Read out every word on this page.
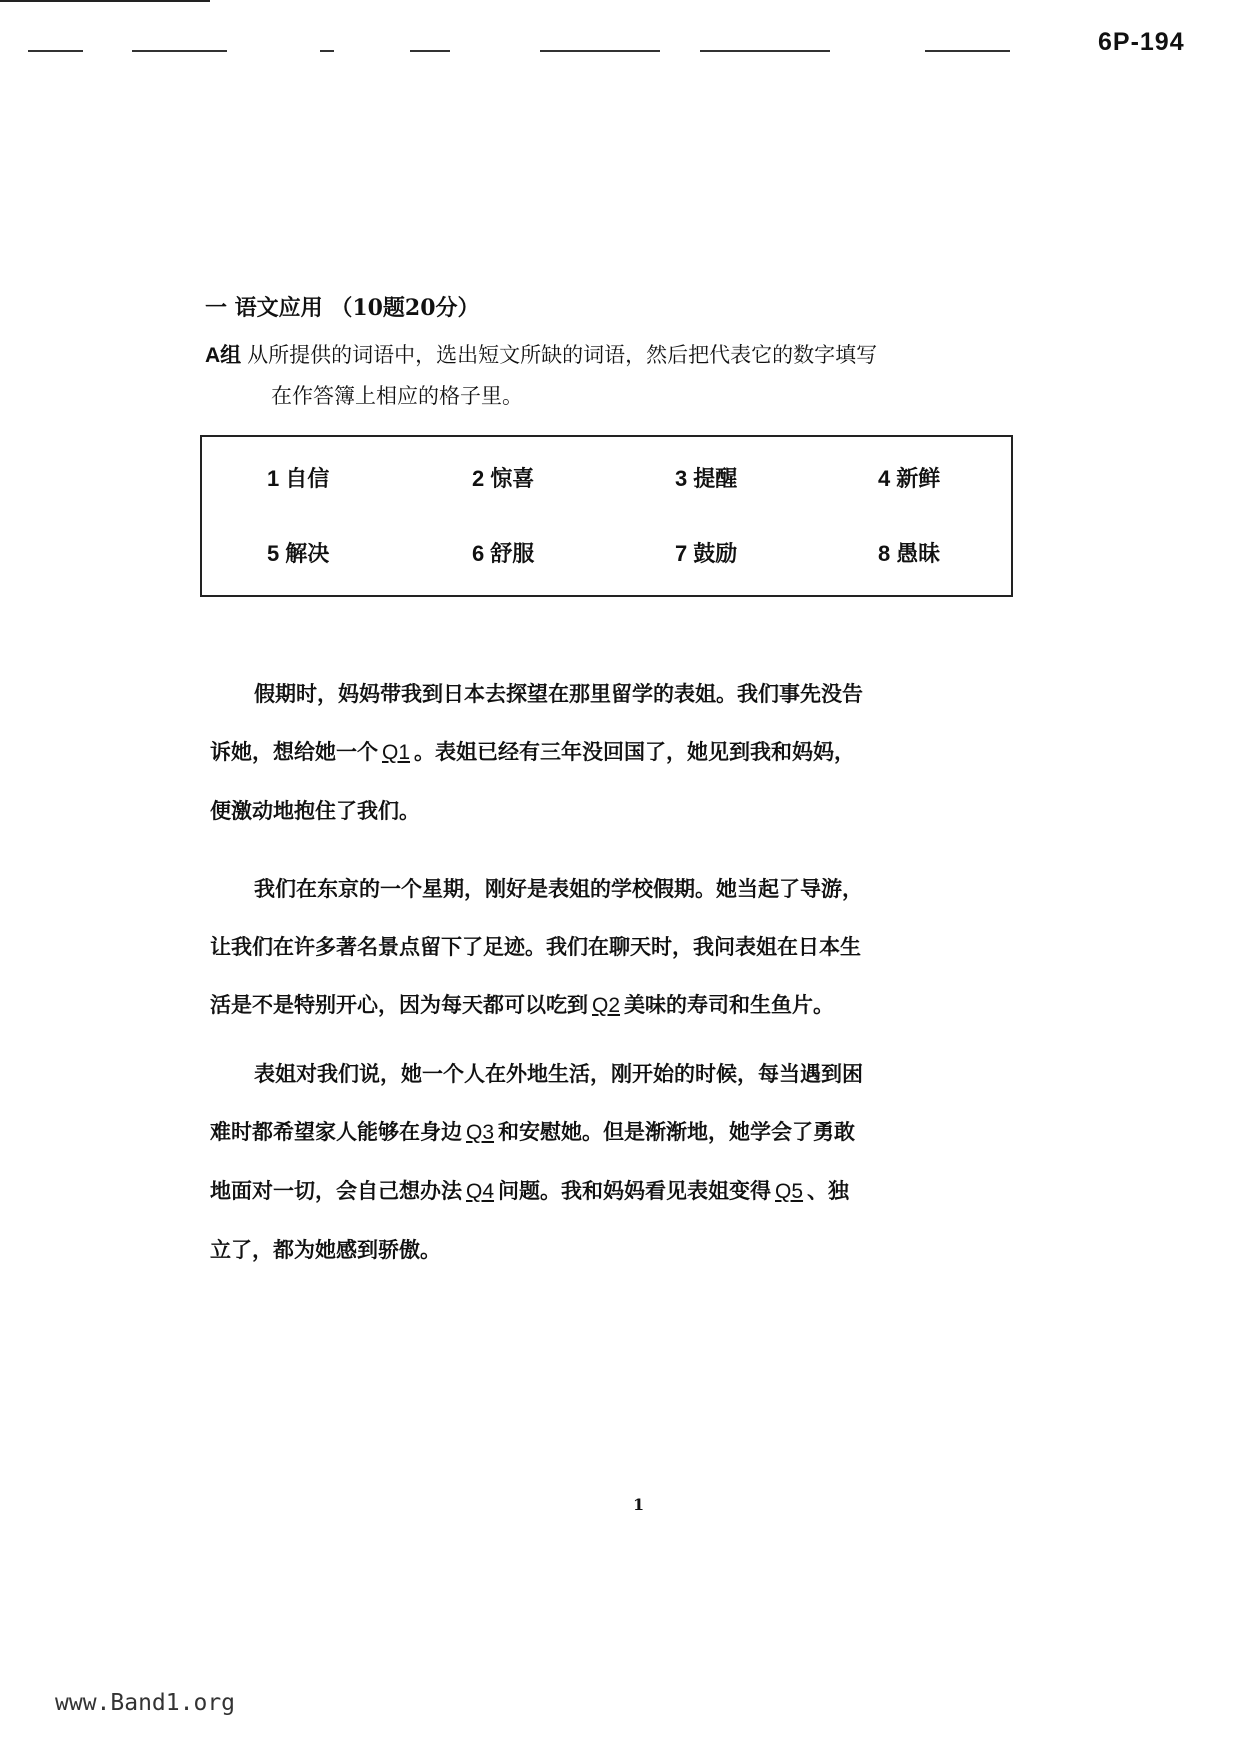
6P-194
一 语文应用 （10题20分）
A组 从所提供的词语中，选出短文所缺的词语，然后把代表它的数字填写
在作答簿上相应的格子里。
1 自信	2 惊喜	3 提醒	4 新鲜
5 解决	6 舒服	7 鼓励	8 愚昧
假期时，妈妈带我到日本去探望在那里留学的表姐。我们事先没告
诉她，想给她一个 Q1 。表姐已经有三年没回国了，她见到我和妈妈，
便激动地抱住了我们。
我们在东京的一个星期，刚好是表姐的学校假期。她当起了导游，
让我们在许多著名景点留下了足迹。我们在聊天时，我问表姐在日本生
活是不是特别开心，因为每天都可以吃到 Q2 美味的寿司和生鱼片。
表姐对我们说，她一个人在外地生活，刚开始的时候，每当遇到困
难时都希望家人能够在身边 Q3 和安慰她。但是渐渐地，她学会了勇敢
地面对一切，会自己想办法 Q4 问题。我和妈妈看见表姐变得 Q5 、独
立了，都为她感到骄傲。
1
www.Band1.org
